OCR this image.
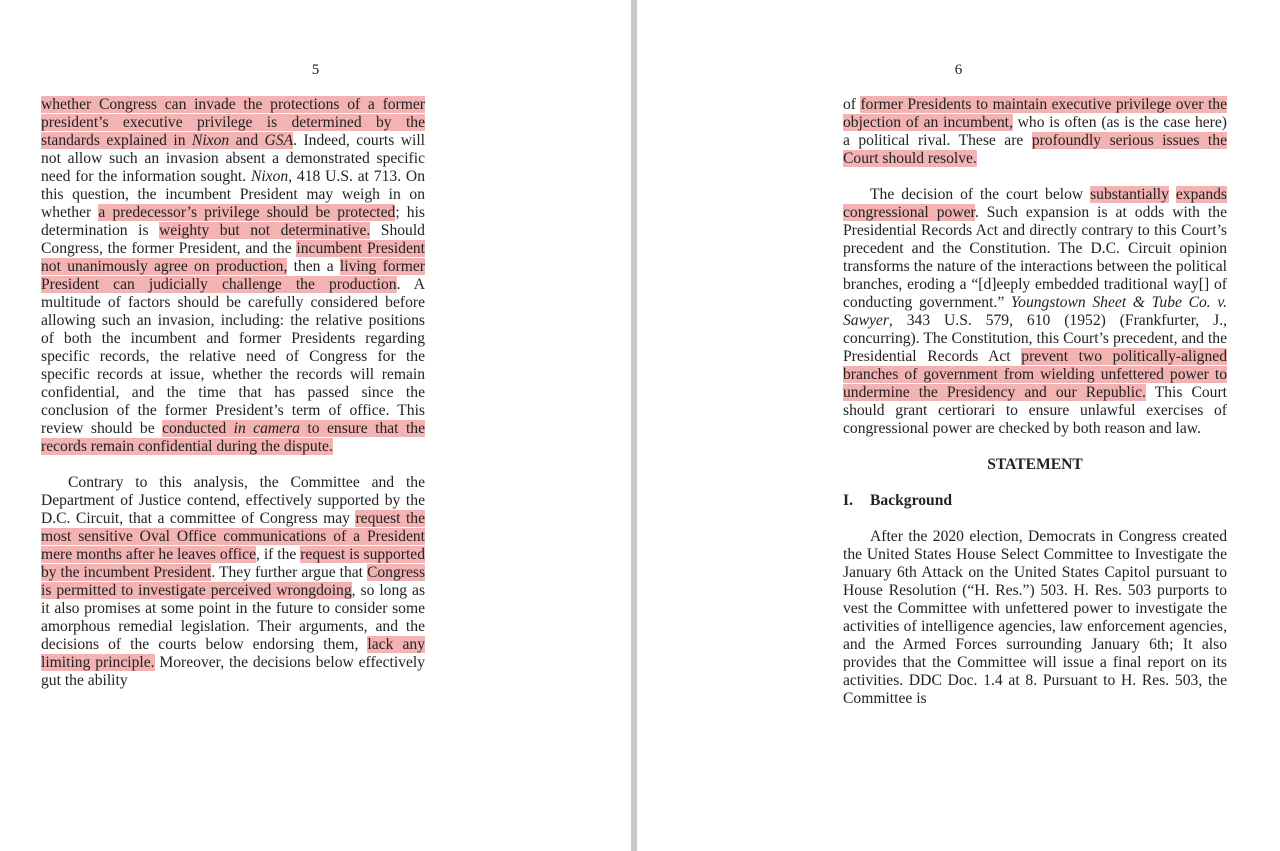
5

whether Congress can invade the protections of a former president’s executive privilege is determined by the standards explained in Nixon and GSA. Indeed, courts will not allow such an invasion absent a demonstrated specific need for the information sought. Nixon, 418 U.S. at 713. On this question, the incumbent President may weigh in on whether a predecessor’s privilege should be protected; his determination is weighty but not determinative. Should Congress, the former President, and the incumbent President not unanimously agree on production, then a living former President can judicially challenge the production. A multitude of factors should be carefully considered before allowing such an invasion, including: the relative positions of both the incumbent and former Presidents regarding specific records, the relative need of Congress for the specific records at issue, whether the records will remain confidential, and the time that has passed since the conclusion of the former President’s term of office. This review should be conducted in camera to ensure that the records remain confidential during the dispute.

Contrary to this analysis, the Committee and the Department of Justice contend, effectively supported by the D.C. Circuit, that a committee of Congress may request the most sensitive Oval Office communications of a President mere months after he leaves office, if the request is supported by the incumbent President. They further argue that Congress is permitted to investigate perceived wrongdoing, so long as it also promises at some point in the future to consider some amorphous remedial legislation. Their arguments, and the decisions of the courts below endorsing them, lack any limiting principle. Moreover, the decisions below effectively gut the ability

6

of former Presidents to maintain executive privilege over the objection of an incumbent, who is often (as is the case here) a political rival. These are profoundly serious issues the Court should resolve.

The decision of the court below substantially expands congressional power. Such expansion is at odds with the Presidential Records Act and directly contrary to this Court’s precedent and the Constitution. The D.C. Circuit opinion transforms the nature of the interactions between the political branches, eroding a “[d]eeply embedded traditional way[] of conducting government.” Youngstown Sheet & Tube Co. v. Sawyer, 343 U.S. 579, 610 (1952) (Frankfurter, J., concurring). The Constitution, this Court’s precedent, and the Presidential Records Act prevent two politically-aligned branches of government from wielding unfettered power to undermine the Presidency and our Republic. This Court should grant certiorari to ensure unlawful exercises of congressional power are checked by both reason and law.

STATEMENT

I. Background

After the 2020 election, Democrats in Congress created the United States House Select Committee to Investigate the January 6th Attack on the United States Capitol pursuant to House Resolution (“H. Res.”) 503. H. Res. 503 purports to vest the Committee with unfettered power to investigate the activities of intelligence agencies, law enforcement agencies, and the Armed Forces surrounding January 6th; It also provides that the Committee will issue a final report on its activities. DDC Doc. 1.4 at 8. Pursuant to H. Res. 503, the Committee is
